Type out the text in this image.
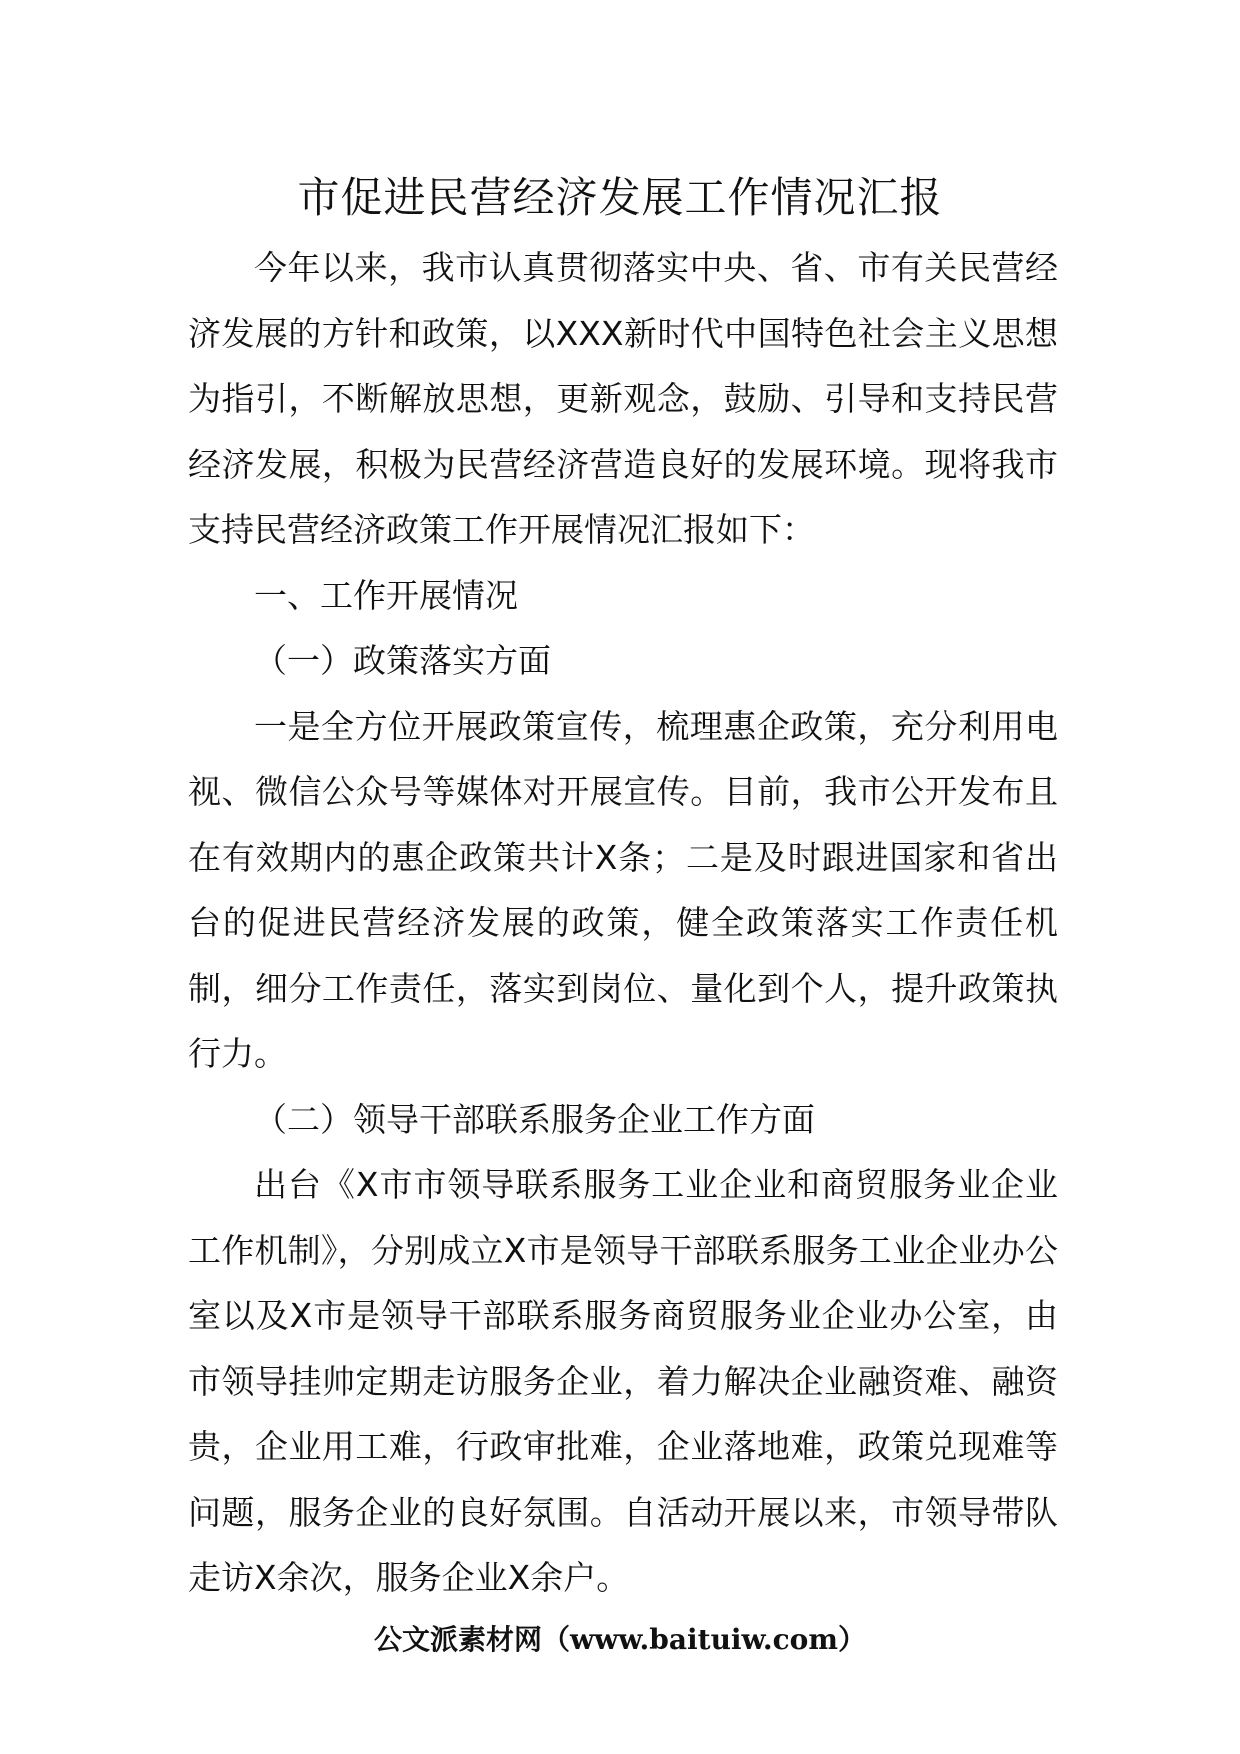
市促进民营经济发展工作情况汇报

今年以来，我市认真贯彻落实中央、省、市有关民营经济发展的方针和政策，以XXX新时代中国特色社会主义思想为指引，不断解放思想，更新观念，鼓励、引导和支持民营经济发展，积极为民营经济营造良好的发展环境。现将我市支持民营经济政策工作开展情况汇报如下：

一、工作开展情况

（一）政策落实方面

一是全方位开展政策宣传，梳理惠企政策，充分利用电视、微信公众号等媒体对开展宣传。目前，我市公开发布且在有效期内的惠企政策共计X条；二是及时跟进国家和省出台的促进民营经济发展的政策，健全政策落实工作责任机制，细分工作责任，落实到岗位、量化到个人，提升政策执行力。

（二）领导干部联系服务企业工作方面

出台《X市市领导联系服务工业企业和商贸服务业企业工作机制》，分别成立X市是领导干部联系服务工业企业办公室以及X市是领导干部联系服务商贸服务业企业办公室，由市领导挂帅定期走访服务企业，着力解决企业融资难、融资贵，企业用工难，行政审批难，企业落地难，政策兑现难等问题，服务企业的良好氛围。自活动开展以来，市领导带队走访X余次，服务企业X余户。

公文派素材网（www.baituiw.com）
